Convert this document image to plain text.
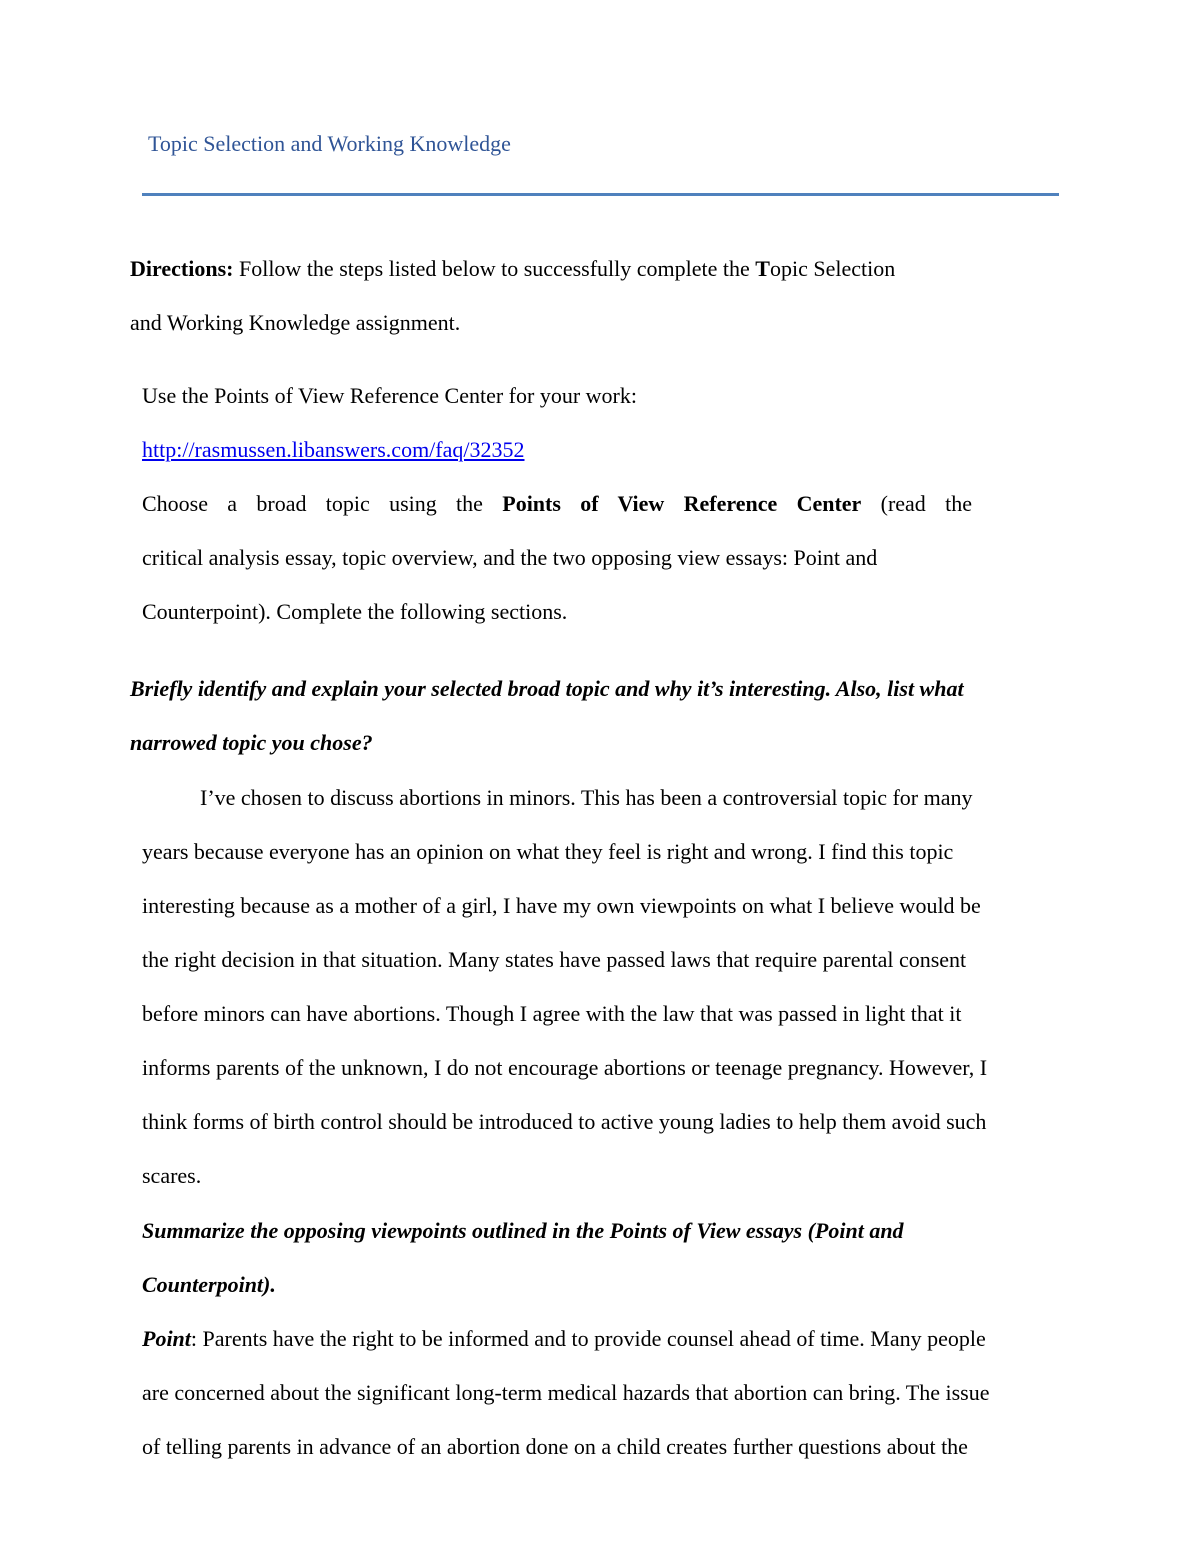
Topic Selection and Working Knowledge
Directions: Follow the steps listed below to successfully complete the Topic Selection
and Working Knowledge assignment.
Use the Points of View Reference Center for your work:
http://rasmussen.libanswers.com/faq/32352
Choose a broad topic using the Points of View Reference Center (read the
critical analysis essay, topic overview, and the two opposing view essays: Point and
Counterpoint). Complete the following sections.
Briefly identify and explain your selected broad topic and why it’s interesting. Also, list what
narrowed topic you chose?
I’ve chosen to discuss abortions in minors. This has been a controversial topic for many
years because everyone has an opinion on what they feel is right and wrong. I find this topic
interesting because as a mother of a girl, I have my own viewpoints on what I believe would be
the right decision in that situation. Many states have passed laws that require parental consent
before minors can have abortions. Though I agree with the law that was passed in light that it
informs parents of the unknown, I do not encourage abortions or teenage pregnancy. However, I
think forms of birth control should be introduced to active young ladies to help them avoid such
scares.
Summarize the opposing viewpoints outlined in the Points of View essays (Point and
Counterpoint).
Point: Parents have the right to be informed and to provide counsel ahead of time. Many people
are concerned about the significant long-term medical hazards that abortion can bring. The issue
of telling parents in advance of an abortion done on a child creates further questions about the
